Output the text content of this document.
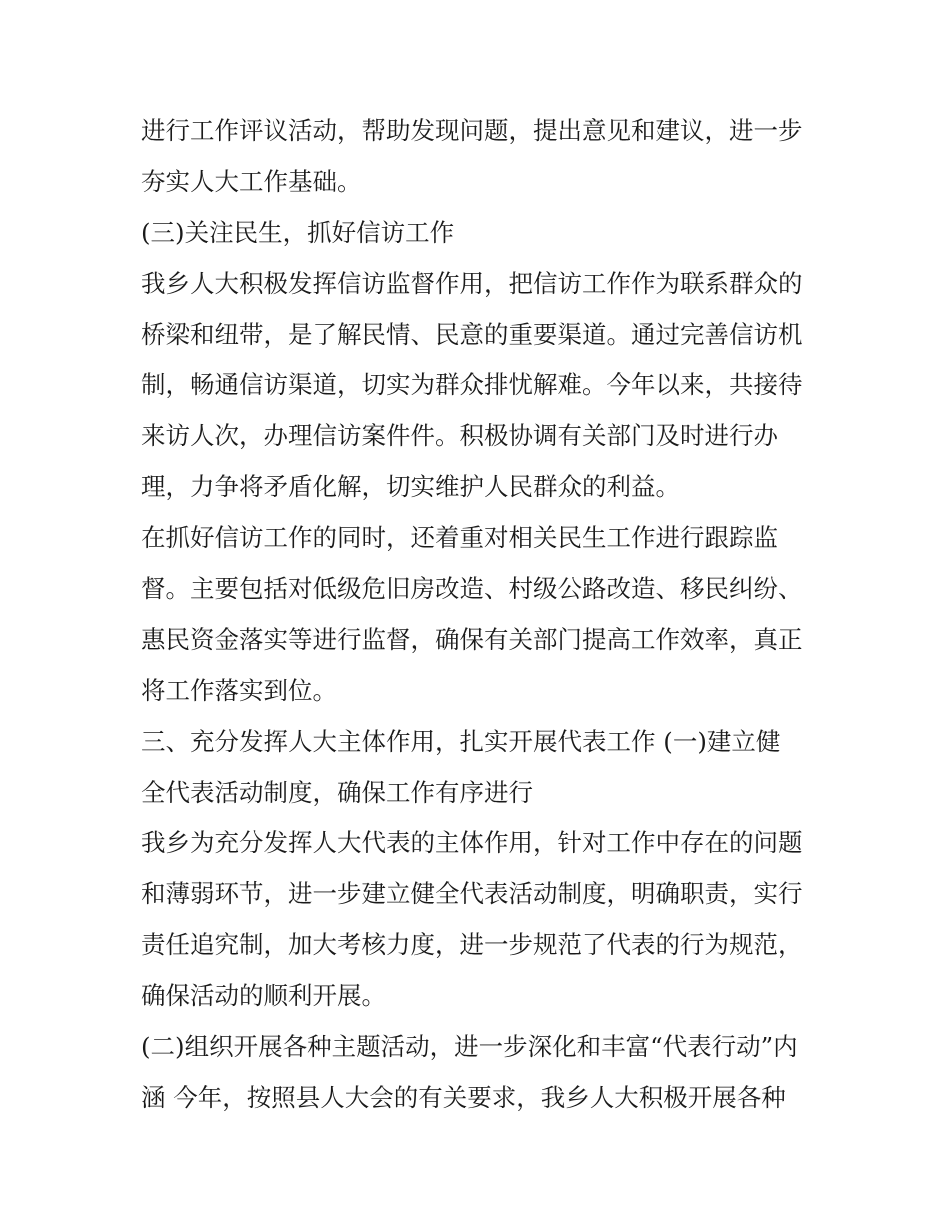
进行工作评议活动，帮助发现问题，提出意见和建议，进一步
夯实人大工作基础。
(三)关注民生，抓好信访工作
我乡人大积极发挥信访监督作用，把信访工作作为联系群众的
桥梁和纽带，是了解民情、民意的重要渠道。通过完善信访机
制，畅通信访渠道，切实为群众排忧解难。今年以来，共接待
来访人次，办理信访案件件。积极协调有关部门及时进行办
理，力争将矛盾化解，切实维护人民群众的利益。
在抓好信访工作的同时，还着重对相关民生工作进行跟踪监
督。主要包括对低级危旧房改造、村级公路改造、移民纠纷、
惠民资金落实等进行监督，确保有关部门提高工作效率，真正
将工作落实到位。
三、充分发挥人大主体作用，扎实开展代表工作 (一)建立健
全代表活动制度，确保工作有序进行
我乡为充分发挥人大代表的主体作用，针对工作中存在的问题
和薄弱环节，进一步建立健全代表活动制度，明确职责，实行
责任追究制，加大考核力度，进一步规范了代表的行为规范，
确保活动的顺利开展。
(二)组织开展各种主题活动，进一步深化和丰富“代表行动”内
涵 今年，按照县人大会的有关要求，我乡人大积极开展各种
